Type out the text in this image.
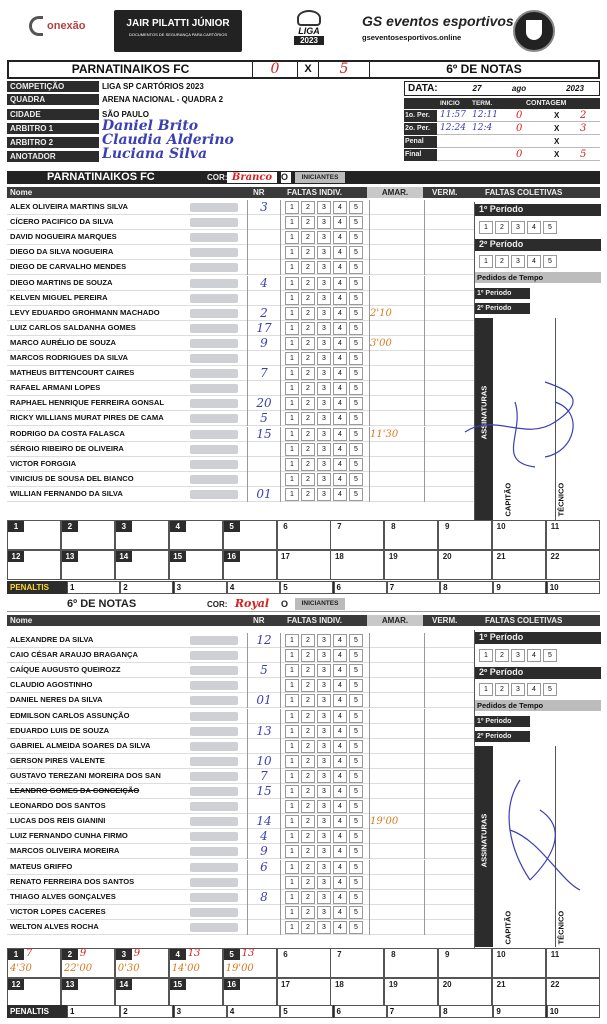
onexão	JAIR PILATTI JÚNIOR
DOCUMENTOS DE SEGURANÇA PARA CARTÓRIOS	LIGA
2023
GS eventos esportivos
gseventosesportivos.online
PARNATINAIKOS FC	0	X	5	6º DE NOTAS
COMPETIÇÃO	LIGA SP CARTÓRIOS 2023
QUADRA	ARENA NACIONAL - QUADRA 2
CIDADE	SÃO PAULO
ARBITRO 1	Daniel Brito
ARBITRO 2	Claudia Alderino
ANOTADOR	Luciana Silva
DATA:	27	ago	2023
INICIO TERM.	CONTAGEM
1o. Per.	11:57 12:11 0	X 2
2o. Per.	12:24 12:4 0	X 3
Penal	X
Final	0	X 5
PARNATINAIKOS FC	COR: Branco O	INICIANTES
Nome	NR	FALTAS INDIV.	AMAR.	VERM.	FALTAS COLETIVAS
ALEX OLIVEIRA MARTINS SILVA	3	1	2	3	4	5
CÍCERO PACIFICO DA SILVA	1	2	3	4	5
DAVID NOGUEIRA MARQUES	1	2	3	4	5
DIEGO DA SILVA NOGUEIRA	1	2	3	4	5
DIEGO DE CARVALHO MENDES	1	2	3	4	5
DIEGO MARTINS DE SOUZA	4	1	2	3	4	5
KELVEN MIGUEL PEREIRA	1	2	3	4	5
LEVY EDUARDO GROHMANN MACHADO	2	1	2	3	4	5	2'10
LUIZ CARLOS SALDANHA GOMES	17	1	2	3	4	5
MARCO AURÉLIO DE SOUZA	9	1	2	3	4	5	3'00
MARCOS RODRIGUES DA SILVA	1	2	3	4	5
MATHEUS BITTENCOURT CAIRES	7	1	2	3	4	5
RAFAEL ARMANI LOPES	1	2	3	4	5
RAPHAEL HENRIQUE FERREIRA GONSAL	20	1	2	3	4	5
RICKY WILLIANS MURAT PIRES DE CAMA	5	1	2	3	4	5
RODRIGO DA COSTA FALASCA	15	1	2	3	4	5	11'30
SÉRGIO RIBEIRO DE OLIVEIRA	1	2	3	4	5
VICTOR FORGGIA	1	2	3	4	5
VINICIUS DE SOUSA DEL BIANCO	1	2	3	4	5
WILLIAN FERNANDO DA SILVA	01	1	2	3	4	5
1º Período
1	2	3	4	5
2º Período
1	2	3	4	5
Pedidos de Tempo
1º Periodo
2º Periodo
ASSINATURAS
CAPITÃO	TÉCNICO
1	2	3	4	5	6	7	8	9	10	11
12	13	14	15	16	17	18	19	20	21	22
PENALTIS	1	2	3	4	5	6	7	8	9	10
6º DE NOTAS	COR: Royal	O	INICIANTES
Nome	NR	FALTAS INDIV.	AMAR.	VERM.	FALTAS COLETIVAS
ALEXANDRE DA SILVA	12	1	2	3	4	5
CAIO CÉSAR ARAUJO BRAGANÇA	1	2	3	4	5
CAÍQUE AUGUSTO QUEIROZZ	5	1	2	3	4	5
CLAUDIO AGOSTINHO	1	2	3	4	5
DANIEL NERES DA SILVA	01	1	2	3	4	5
EDMILSON CARLOS ASSUNÇÃO	1	2	3	4	5
EDUARDO LUIS DE SOUZA	13	1	2	3	4	5
GABRIEL ALMEIDA SOARES DA SILVA	1	2	3	4	5
GERSON PIRES VALENTE	10	1	2	3	4	5
GUSTAVO TEREZANI MOREIRA DOS SAN	7	1	2	3	4	5
LEANDRO GOMES DA CONCEIÇÃO	15	1	2	3	4	5
LEONARDO DOS SANTOS	1	2	3	4	5
LUCAS DOS REIS GIANINI	14	1	2	3	4	5	19'00
LUIZ FERNANDO CUNHA FIRMO	4	1	2	3	4	5
MARCOS OLIVEIRA MOREIRA	9	1	2	3	4	5
MATEUS GRIFFO	6	1	2	3	4	5
RENATO FERREIRA DOS SANTOS	1	2	3	4	5
THIAGO ALVES GONÇALVES	8	1	2	3	4	5
VICTOR LOPES CACERES	1	2	3	4	5
WELTON ALVES ROCHA	1	2	3	4	5
1º Período
1	2	3	4	5
2º Período
1	2	3	4	5
Pedidos de Tempo
1º Periodo
2º Periodo
ASSINATURAS
CAPITÃO	TÉCNICO
1 7
4'30
2 9
22'00
3 9
0'30
4 13
14'00
5 13
19'00
6	7	8	9	10	11
12	13	14	15	16	17	18	19	20	21	22
PENALTIS	1	2	3	4	5	6	7	8	9	10
